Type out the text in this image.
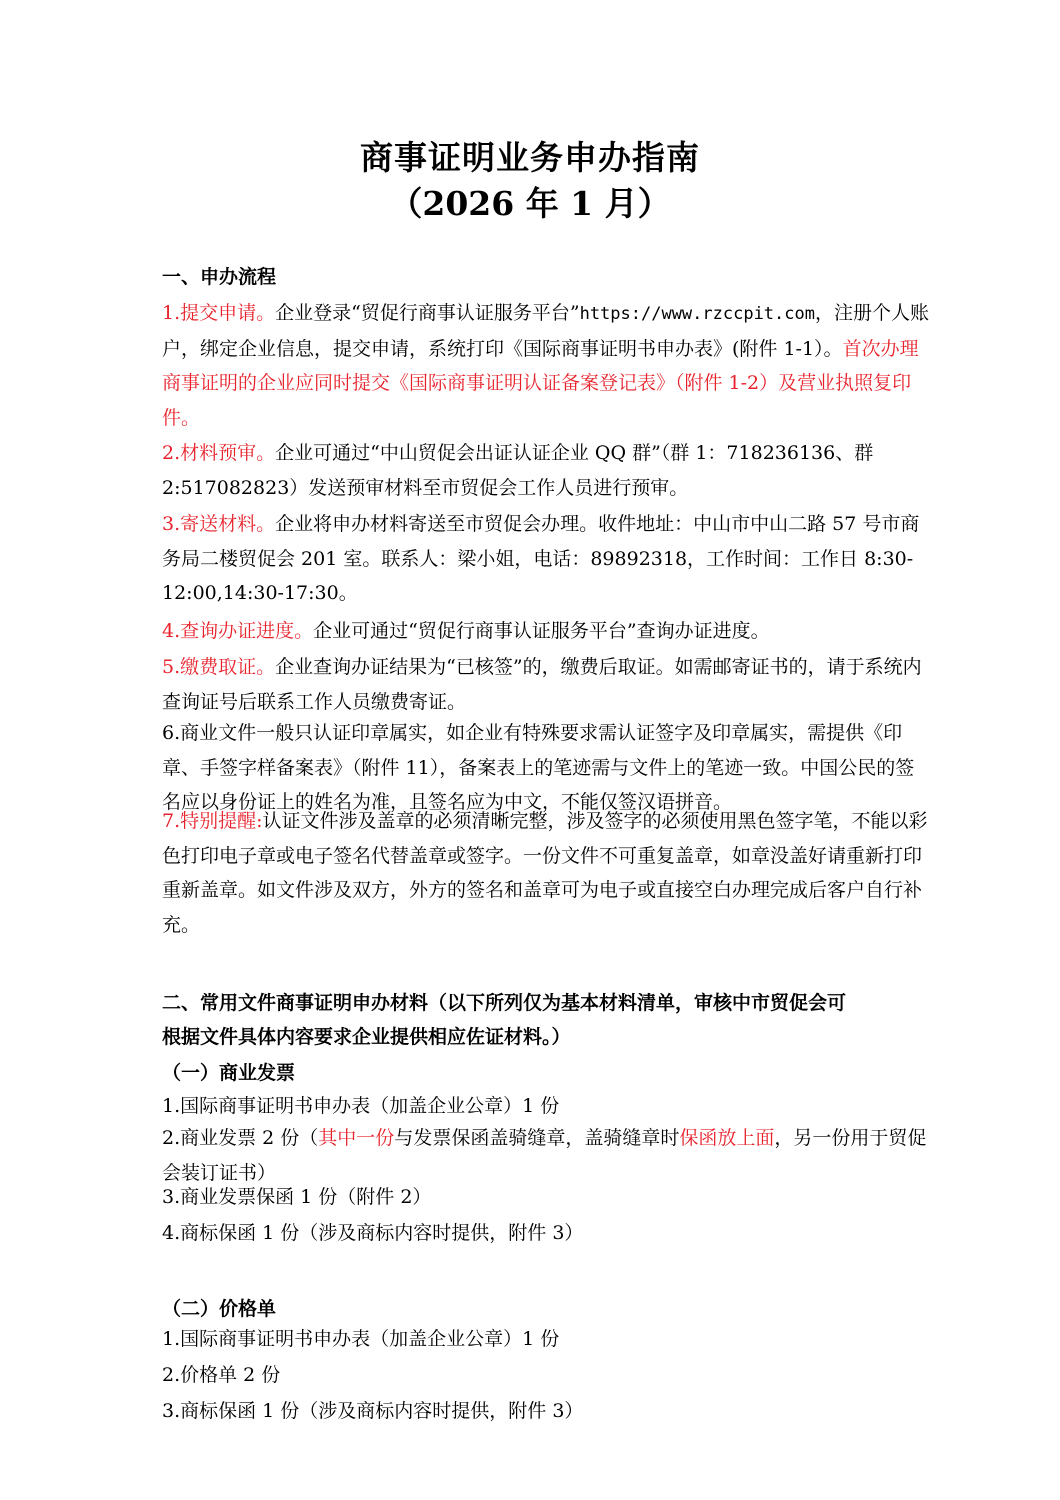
商事证明业务申办指南
（2026 年 1 月）
一、申办流程
1.提交申请。企业登录“贸促行商事认证服务平台”https://www.rzccpit.com，注册个人账户，绑定企业信息，提交申请，系统打印《国际商事证明书申办表》(附件 1-1）。首次办理商事证明的企业应同时提交《国际商事证明认证备案登记表》（附件 1-2）及营业执照复印件。
2.材料预审。企业可通过“中山贸促会出证认证企业 QQ 群”（群 1：718236136、群 2:517082823）发送预审材料至市贸促会工作人员进行预审。
3.寄送材料。企业将申办材料寄送至市贸促会办理。收件地址：中山市中山二路 57 号市商务局二楼贸促会 201 室。联系人：梁小姐，电话：89892318，工作时间：工作日 8:30-12:00,14:30-17:30。
4.查询办证进度。企业可通过“贸促行商事认证服务平台”查询办证进度。
5.缴费取证。企业查询办证结果为“已核签”的，缴费后取证。如需邮寄证书的，请于系统内查询证号后联系工作人员缴费寄证。
6.商业文件一般只认证印章属实，如企业有特殊要求需认证签字及印章属实，需提供《印章、手签字样备案表》（附件 11），备案表上的笔迹需与文件上的笔迹一致。中国公民的签名应以身份证上的姓名为准，且签名应为中文，不能仅签汉语拼音。
7.特别提醒:认证文件涉及盖章的必须清晰完整，涉及签字的必须使用黑色签字笔，不能以彩色打印电子章或电子签名代替盖章或签字。一份文件不可重复盖章，如章没盖好请重新打印重新盖章。如文件涉及双方，外方的签名和盖章可为电子或直接空白办理完成后客户自行补充。
二、常用文件商事证明申办材料（以下所列仅为基本材料清单，审核中市贸促会可
根据文件具体内容要求企业提供相应佐证材料。）
（一）商业发票
1.国际商事证明书申办表（加盖企业公章）1 份
2.商业发票 2 份（其中一份与发票保函盖骑缝章，盖骑缝章时保函放上面，另一份用于贸促会装订证书）
3.商业发票保函 1 份（附件 2）
4.商标保函 1 份（涉及商标内容时提供，附件 3）
（二）价格单
1.国际商事证明书申办表（加盖企业公章）1 份
2.价格单 2 份
3.商标保函 1 份（涉及商标内容时提供，附件 3）
